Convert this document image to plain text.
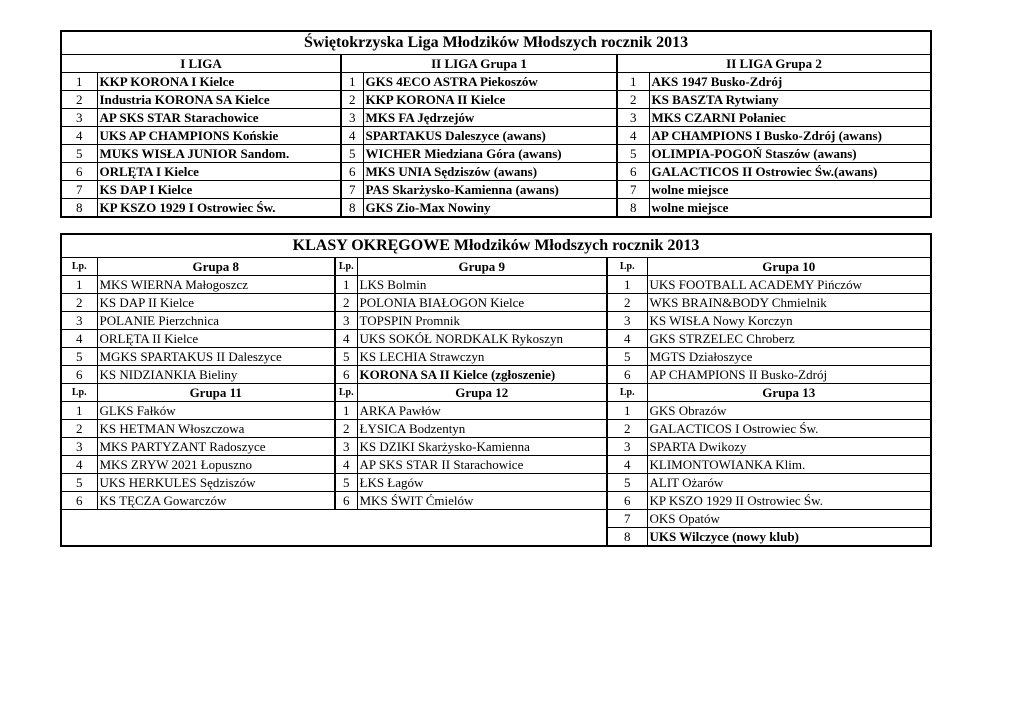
Świętokrzyska Liga Młodzików Młodszych rocznik 2013					
I LIGA		II LIGA Grupa 1		II LIGA Grupa 2	
1	KKP KORONA I Kielce	1	GKS 4ECO ASTRA Piekoszów	1	AKS 1947 Busko-Zdrój
2	Industria KORONA SA Kielce	2	KKP KORONA II Kielce	2	KS BASZTA Rytwiany
3	AP SKS STAR Starachowice	3	MKS FA Jędrzejów	3	MKS CZARNI Połaniec
4	UKS AP CHAMPIONS Końskie	4	SPARTAKUS Daleszyce (awans)	4	AP CHAMPIONS I Busko-Zdrój (awans)
5	MUKS WISŁA JUNIOR Sandom.	5	WICHER Miedziana Góra (awans)	5	OLIMPIA-POGOŃ Staszów (awans)
6	ORLĘTA I Kielce	6	MKS UNIA Sędziszów (awans)	6	GALACTICOS II Ostrowiec Św.(awans)
7	KS DAP I Kielce	7	PAS Skarżysko-Kamienna (awans)	7	wolne miejsce
8	KP KSZO 1929 I Ostrowiec Św.	8	GKS Zio-Max Nowiny	8	wolne miejsce
KLASY OKRĘGOWE Młodzików Młodszych rocznik 2013					
Lp.	Grupa 8	Lp.	Grupa 9	Lp.	Grupa 10
1	MKS WIERNA Małogoszcz	1	LKS Bolmin	1	UKS FOOTBALL ACADEMY Pińczów
2	KS DAP II Kielce	2	POLONIA BIAŁOGON Kielce	2	WKS BRAIN&BODY Chmielnik
3	POLANIE Pierzchnica	3	TOPSPIN Promnik	3	KS WISŁA Nowy Korczyn
4	ORLĘTA II Kielce	4	UKS SOKÓŁ NORDKALK Rykoszyn	4	GKS STRZELEC Chroberz
5	MGKS SPARTAKUS II Daleszyce	5	KS LECHIA Strawczyn	5	MGTS Działoszyce
6	KS NIDZIANKIA Bieliny	6	KORONA SA II Kielce (zgłoszenie)	6	AP CHAMPIONS II Busko-Zdrój
Lp.	Grupa 11	Lp.	Grupa 12	Lp.	Grupa 13
1	GLKS Fałków	1	ARKA Pawłów	1	GKS Obrazów
2	KS HETMAN Włoszczowa	2	ŁYSICA Bodzentyn	2	GALACTICOS I Ostrowiec Św.
3	MKS PARTYZANT Radoszyce	3	KS DZIKI Skarżysko-Kamienna	3	SPARTA Dwikozy
4	MKS ZRYW 2021 Łopuszno	4	AP SKS STAR II Starachowice	4	KLIMONTOWIANKA Klim.
5	UKS HERKULES Sędziszów	5	ŁKS Łagów	5	ALIT Ożarów
6	KS TĘCZA Gowarczów	6	MKS ŚWIT Ćmielów	6	KP KSZO 1929 II Ostrowiec Św.
				7	OKS Opatów
				8	UKS Wilczyce (nowy klub)
